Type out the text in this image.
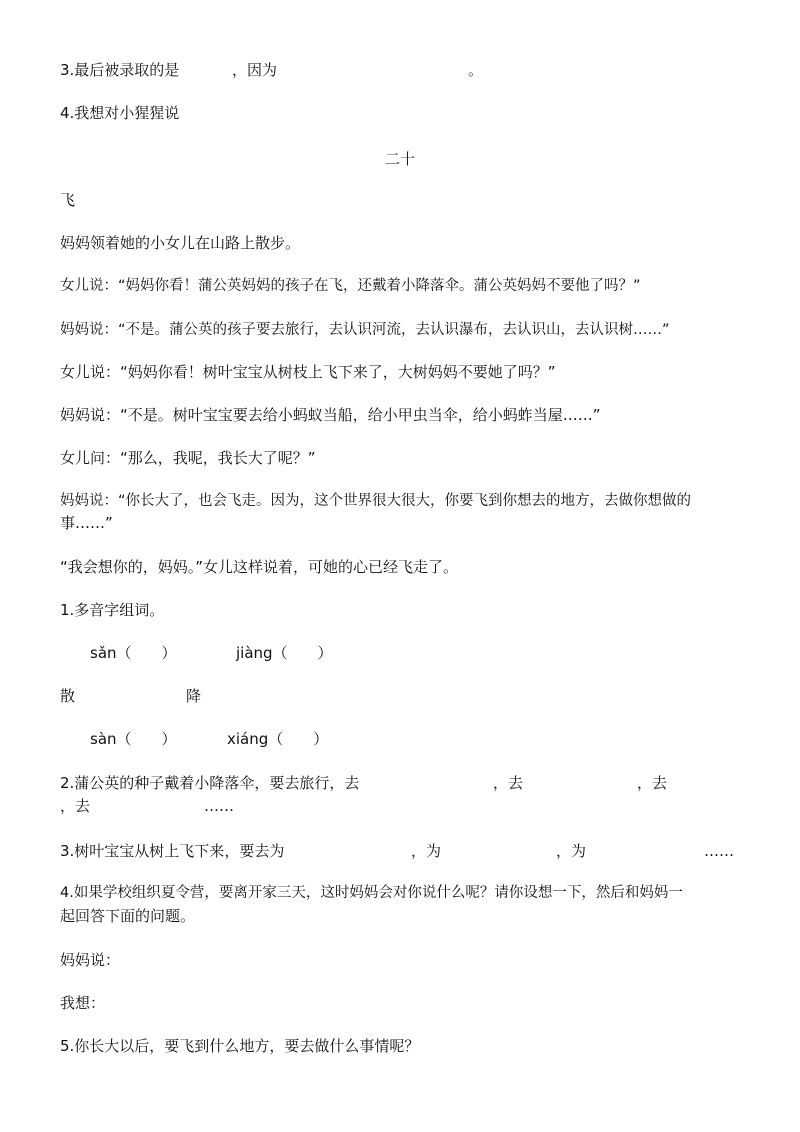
3.最后被录取的是	，因为	。
4.我想对小猩猩说
二十
飞
妈妈领着她的小女儿在山路上散步。
女儿说：“妈妈你看！蒲公英妈妈的孩子在飞，还戴着小降落伞。蒲公英妈妈不要他了吗？”
妈妈说：“不是。蒲公英的孩子要去旅行，去认识河流，去认识瀑布，去认识山，去认识树……”
女儿说：“妈妈你看！树叶宝宝从树枝上飞下来了，大树妈妈不要她了吗？”
妈妈说：“不是。树叶宝宝要去给小蚂蚁当船，给小甲虫当伞，给小蚂蚱当屋……”
女儿问：“那么，我呢，我长大了呢？”
妈妈说：“你长大了，也会飞走。因为，这个世界很大很大，你要飞到你想去的地方，去做你想做的
事……”
“我会想你的，妈妈。”女儿这样说着，可她的心已经飞走了。
1.多音字组词。
sǎn（　　）	jiàng（　　）
散	降
sàn（　　）	xiáng（　　）
2.蒲公英的种子戴着小降落伞，要去旅行，去	，去	，去
，去	……
3.树叶宝宝从树上飞下来，要去为	，为	，为	……
4.如果学校组织夏令营，要离开家三天，这时妈妈会对你说什么呢？请你设想一下，然后和妈妈一
起回答下面的问题。
妈妈说：
我想：
5.你长大以后，要飞到什么地方，要去做什么事情呢？
